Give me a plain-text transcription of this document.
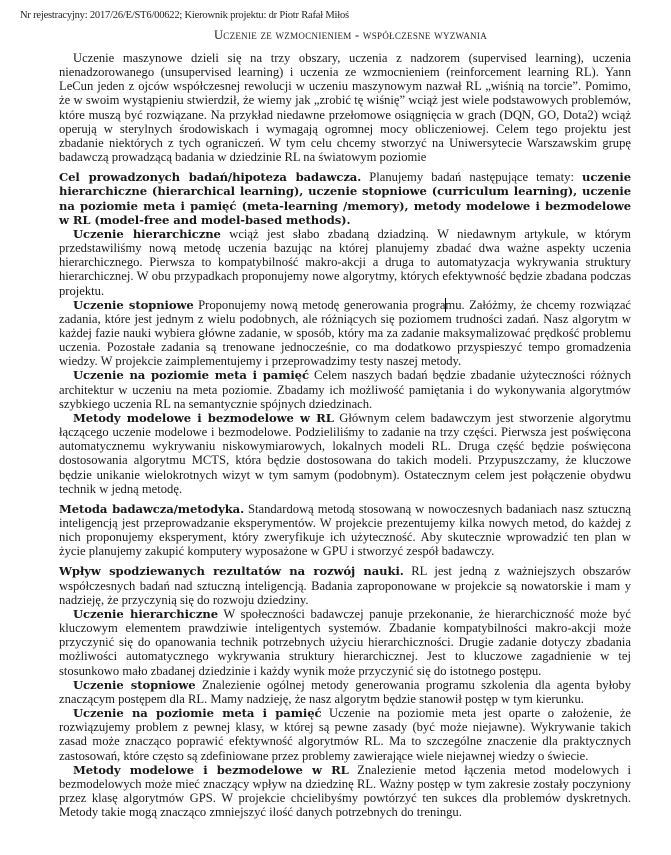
Nr rejestracyjny: 2017/26/E/ST6/00622; Kierownik projektu: dr Piotr Rafał Miłoś
Uczenie ze wzmocnieniem - współczesne wyzwania

Uczenie maszynowe dzieli się na trzy obszary, uczenia z nadzorem (supervised learning), uczenia nienadzorowanego (unsupervised learning) i uczenia ze wzmocnieniem (reinforcement learning RL). Yann LeCun jeden z ojców współczesnej rewolucji w uczeniu maszynowym nazwał RL „wiśnią na torcie”. Pomimo, że w swoim wystąpieniu stwierdził, że wiemy jak „zrobić tę wiśnię” wciąż jest wiele podstawowych problemów, które muszą być rozwiązane. Na przykład niedawne przełomowe osiągnięcia w grach (DQN, GO, Dota2) wciąż operują w sterylnych środowiskach i wymagają ogromnej mocy obliczeniowej. Celem tego projektu jest zbadanie niektórych z tych ograniczeń. W tym celu chcemy stworzyć na Uniwersytecie Warszawskim grupę badawczą prowadzącą badania w dziedzinie RL na światowym poziomie

Cel prowadzonych badań/hipoteza badawcza. Planujemy badań następujące tematy: uczenie hierarchiczne (hierarchical learning), uczenie stopniowe (curriculum learning), uczenie na poziomie meta i pamięć (meta-learning /memory), metody modelowe i bezmodelowe w RL (model-free and model-based methods).

Uczenie hierarchiczne wciąż jest słabo zbadaną dziadziną. W niedawnym artykule, w którym przedstawiliśmy nową metodę uczenia bazując na której planujemy zbadać dwa ważne aspekty uczenia hierarchicznego. Pierwsza to kompatybilność makro-akcji a druga to automatyzacja wykrywania struktury hierarchicznej. W obu przypadkach proponujemy nowe algorytmy, których efektywność będzie zbadana podczas projektu.

Uczenie stopniowe Proponujemy nową metodę generowania programu. Załóżmy, że chcemy rozwiązać zadania, które jest jednym z wielu podobnych, ale różniących się poziomem trudności zadań. Nasz algorytm w każdej fazie nauki wybiera główne zadanie, w sposób, który ma za zadanie maksymalizować prędkość problemu uczenia. Pozostałe zadania są trenowane jednocześnie, co ma dodatkowo przyspieszyć tempo gromadzenia wiedzy. W projekcie zaimplementujemy i przeprowadzimy testy naszej metody.

Uczenie na poziomie meta i pamięć Celem naszych badań będzie zbadanie użyteczności różnych architektur w uczeniu na meta poziomie. Zbadamy ich możliwość pamiętania i do wykonywania algorytmów szybkiego uczenia RL na semantycznie spójnych dziedzinach.

Metody modelowe i bezmodelowe w RL Głównym celem badawczym jest stworzenie algorytmu łączącego uczenie modelowe i bezmodelowe. Podzieliliśmy to zadanie na trzy części. Pierwsza jest poświęcona automatycznemu wykrywaniu niskowymiarowych, lokalnych modeli RL. Druga część będzie poświęcona dostosowania algorytmu MCTS, która będzie dostosowana do takich modeli. Przypuszczamy, że kluczowe będzie unikanie wielokrotnych wizyt w tym samym (podobnym). Ostatecznym celem jest połączenie obydwu technik w jedną metodę.

Metoda badawcza/metodyka. Standardową metodą stosowaną w nowoczesnych badaniach nasz sztuczną inteligencją jest przeprowadzanie eksperymentów. W projekcie prezentujemy kilka nowych metod, do każdej z nich proponujemy eksperyment, który zweryfikuje ich użyteczność. Aby skutecznie wprowadzić ten plan w życie planujemy zakupić komputery wyposażone w GPU i stworzyć zespół badawczy.

Wpływ spodziewanych rezultatów na rozwój nauki. RL jest jedną z ważniejszych obszarów współczesnych badań nad sztuczną inteligencją. Badania zaproponowane w projekcie są nowatorskie i mam y nadzieję, że przyczynią się do rozwoju dziedziny.

Uczenie hierarchiczne W społeczności badawczej panuje przekonanie, że hierarchiczność może być kluczowym elementem prawdziwie inteligentych systemów. Zbadanie kompatybilności makro-akcji może przyczynić się do opanowania technik potrzebnych użyciu hierarchiczności. Drugie zadanie dotyczy zbadania możliwości automatycznego wykrywania struktury hierarchicznej. Jest to kluczowe zagadnienie w tej stosunkowo mało zbadanej dziedzinie i każdy wynik może przyczynić się do istotnego postępu.

Uczenie stopniowe Znalezienie ogólnej metody generowania programu szkolenia dla agenta byłoby znaczącym postępem dla RL. Mamy nadzieję, że nasz algorytm będzie stanowił postęp w tym kierunku.

Uczenie na poziomie meta i pamięć Uczenie na poziomie meta jest oparte o założenie, że rozwiązujemy problem z pewnej klasy, w której są pewne zasady (być może niejawne). Wykrywanie takich zasad może znacząco poprawić efektywność algorytmów RL. Ma to szczególne znaczenie dla praktycznych zastosowań, które często są zdefiniowane przez problemy zawierające wiele niejawnej wiedzy o świecie.

Metody modelowe i bezmodelowe w RL Znalezienie metod łączenia metod modelowych i bezmodelowych może mieć znaczący wpływ na dziedzinę RL. Ważny postęp w tym zakresie zostały poczyniony przez klasę algorytmów GPS. W projekcie chcielibyśmy powtórzyć ten sukces dla problemów dyskretnych. Metody takie mogą znacząco zmniejszyć ilość danych potrzebnych do treningu.
